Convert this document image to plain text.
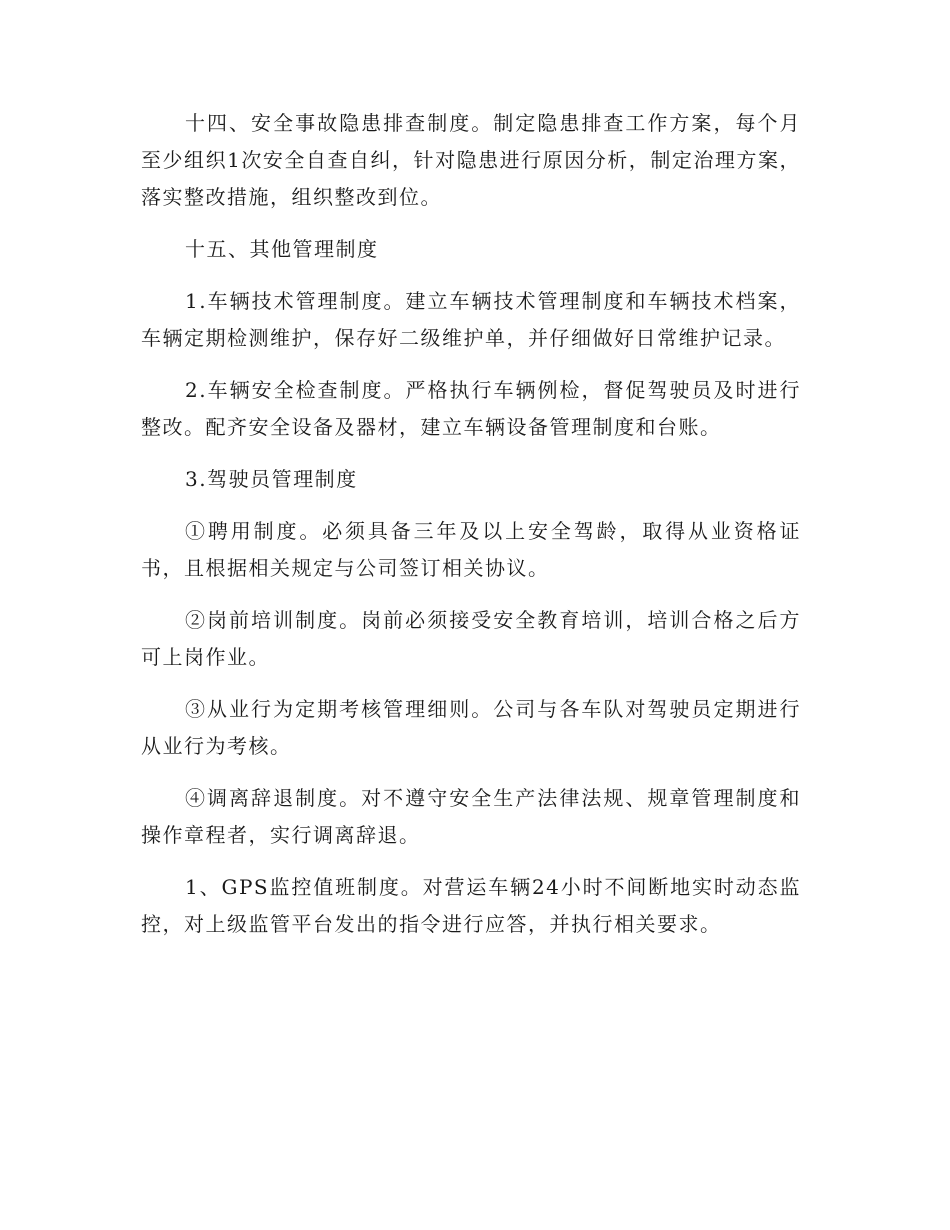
十四、安全事故隐患排查制度。制定隐患排查工作方案，每个月至少组织1次安全自查自纠，针对隐患进行原因分析，制定治理方案，落实整改措施，组织整改到位。

十五、其他管理制度

1.车辆技术管理制度。建立车辆技术管理制度和车辆技术档案，车辆定期检测维护，保存好二级维护单，并仔细做好日常维护记录。

2.车辆安全检查制度。严格执行车辆例检，督促驾驶员及时进行整改。配齐安全设备及器材，建立车辆设备管理制度和台账。

3.驾驶员管理制度

①聘用制度。必须具备三年及以上安全驾龄，取得从业资格证书，且根据相关规定与公司签订相关协议。

②岗前培训制度。岗前必须接受安全教育培训，培训合格之后方可上岗作业。

③从业行为定期考核管理细则。公司与各车队对驾驶员定期进行从业行为考核。

④调离辞退制度。对不遵守安全生产法律法规、规章管理制度和操作章程者，实行调离辞退。

1、GPS监控值班制度。对营运车辆24小时不间断地实时动态监控，对上级监管平台发出的指令进行应答，并执行相关要求。
